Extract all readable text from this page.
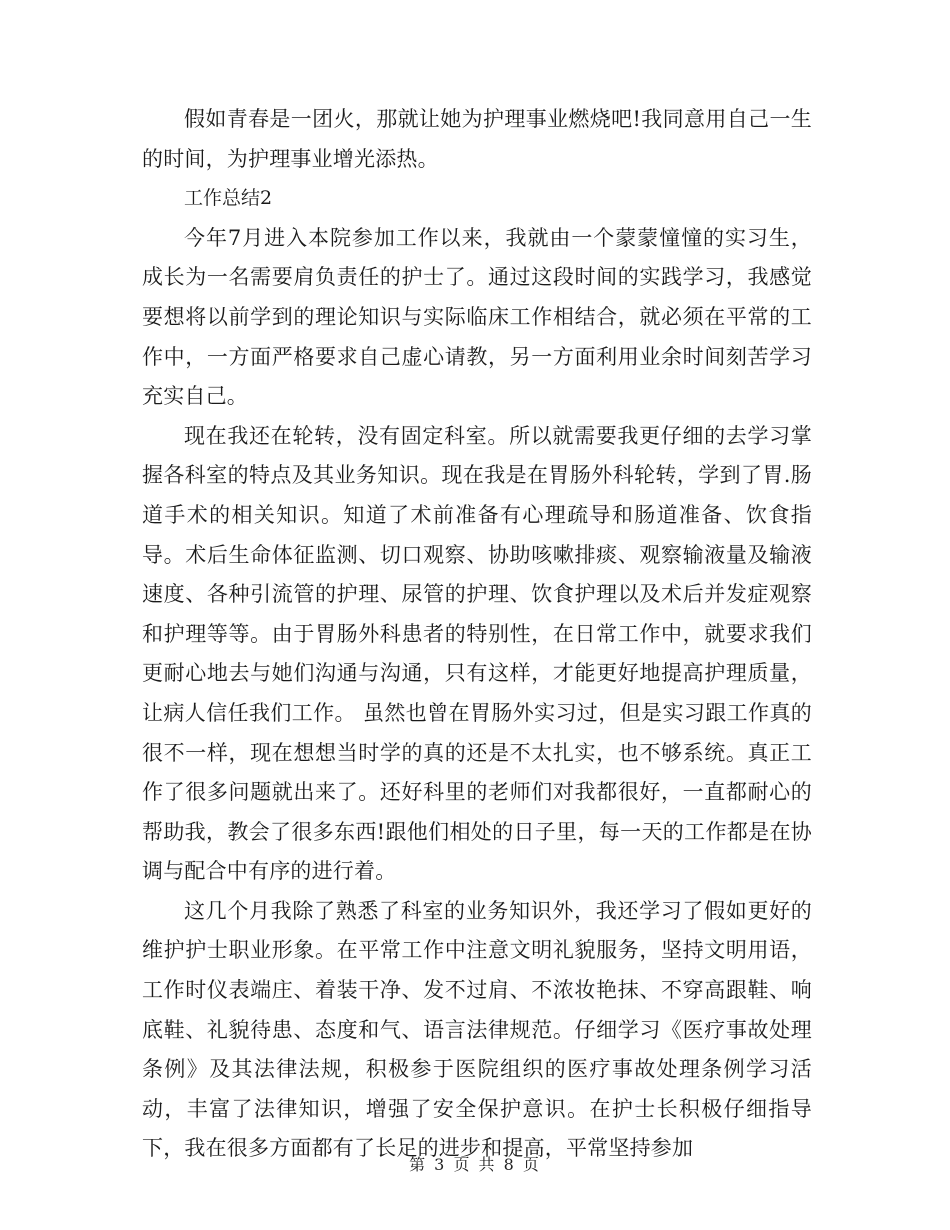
假如青春是一团火，那就让她为护理事业燃烧吧!我同意用自己一生的时间，为护理事业增光添热。

工作总结2

今年7月进入本院参加工作以来，我就由一个蒙蒙憧憧的实习生，成长为一名需要肩负责任的护士了。通过这段时间的实践学习，我感觉要想将以前学到的理论知识与实际临床工作相结合，就必须在平常的工作中，一方面严格要求自己虚心请教，另一方面利用业余时间刻苦学习充实自己。

现在我还在轮转，没有固定科室。所以就需要我更仔细的去学习掌握各科室的特点及其业务知识。现在我是在胃肠外科轮转，学到了胃.肠道手术的相关知识。知道了术前准备有心理疏导和肠道准备、饮食指导。术后生命体征监测、切口观察、协助咳嗽排痰、观察输液量及输液速度、各种引流管的护理、尿管的护理、饮食护理以及术后并发症观察和护理等等。由于胃肠外科患者的特别性，在日常工作中，就要求我们更耐心地去与她们沟通与沟通，只有这样，才能更好地提高护理质量，让病人信任我们工作。 虽然也曾在胃肠外实习过，但是实习跟工作真的很不一样，现在想想当时学的真的还是不太扎实，也不够系统。真正工作了很多问题就出来了。还好科里的老师们对我都很好，一直都耐心的帮助我，教会了很多东西!跟他们相处的日子里，每一天的工作都是在协调与配合中有序的进行着。

这几个月我除了熟悉了科室的业务知识外，我还学习了假如更好的维护护士职业形象。在平常工作中注意文明礼貌服务，坚持文明用语，工作时仪表端庄、着装干净、发不过肩、不浓妆艳抹、不穿高跟鞋、响底鞋、礼貌待患、态度和气、语言法律规范。仔细学习《医疗事故处理条例》及其法律法规，积极参于医院组织的医疗事故处理条例学习活动，丰富了法律知识，增强了安全保护意识。在护士长积极仔细指导下，我在很多方面都有了长足的进步和提高，平常坚持参加

第 3 页 共 8 页
